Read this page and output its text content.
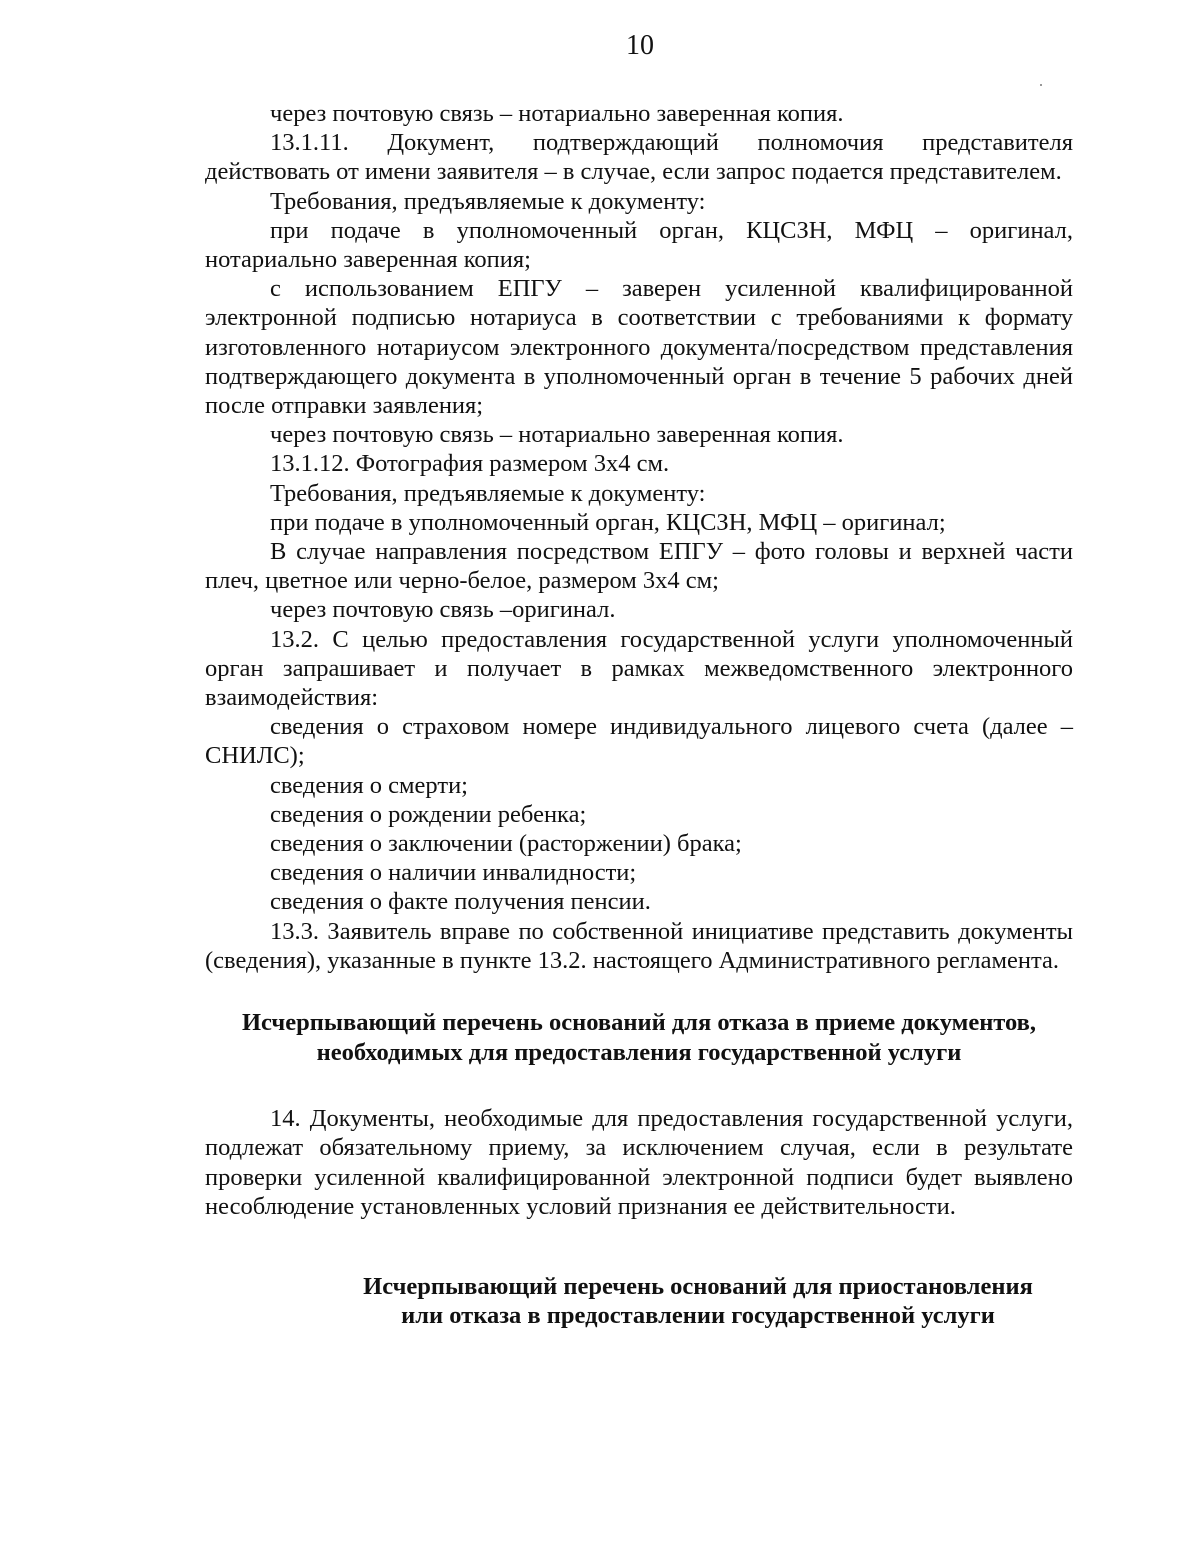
10

через почтовую связь – нотариально заверенная копия.

13.1.11. Документ, подтверждающий полномочия представителя действовать от имени заявителя – в случае, если запрос подается представителем.

Требования, предъявляемые к документу:

при подаче в уполномоченный орган, КЦСЗН, МФЦ – оригинал, нотариально заверенная копия;

с использованием ЕПГУ – заверен усиленной квалифицированной электронной подписью нотариуса в соответствии с требованиями к формату изготовленного нотариусом электронного документа/посредством представления подтверждающего документа в уполномоченный орган в течение 5 рабочих дней после отправки заявления;

через почтовую связь – нотариально заверенная копия.

13.1.12. Фотография размером 3х4 см.

Требования, предъявляемые к документу:

при подаче в уполномоченный орган, КЦСЗН, МФЦ – оригинал;

В случае направления посредством ЕПГУ – фото головы и верхней части плеч, цветное или черно-белое, размером 3х4 см;

через почтовую связь –оригинал.

13.2. С целью предоставления государственной услуги уполномоченный орган запрашивает и получает в рамках межведомственного электронного взаимодействия:

сведения о страховом номере индивидуального лицевого счета (далее – СНИЛС);

сведения о смерти;

сведения о рождении ребенка;

сведения о заключении (расторжении) брака;

сведения о наличии инвалидности;

сведения о факте получения пенсии.

13.3. Заявитель вправе по собственной инициативе представить документы (сведения), указанные в пункте 13.2. настоящего Административного регламента.

Исчерпывающий перечень оснований для отказа в приеме документов,

необходимых для предоставления государственной услуги

14. Документы, необходимые для предоставления государственной услуги, подлежат обязательному приему, за исключением случая, если в результате проверки усиленной квалифицированной электронной подписи будет выявлено несоблюдение установленных условий признания ее действительности.

Исчерпывающий перечень оснований для приостановления

или отказа в предоставлении государственной услуги
